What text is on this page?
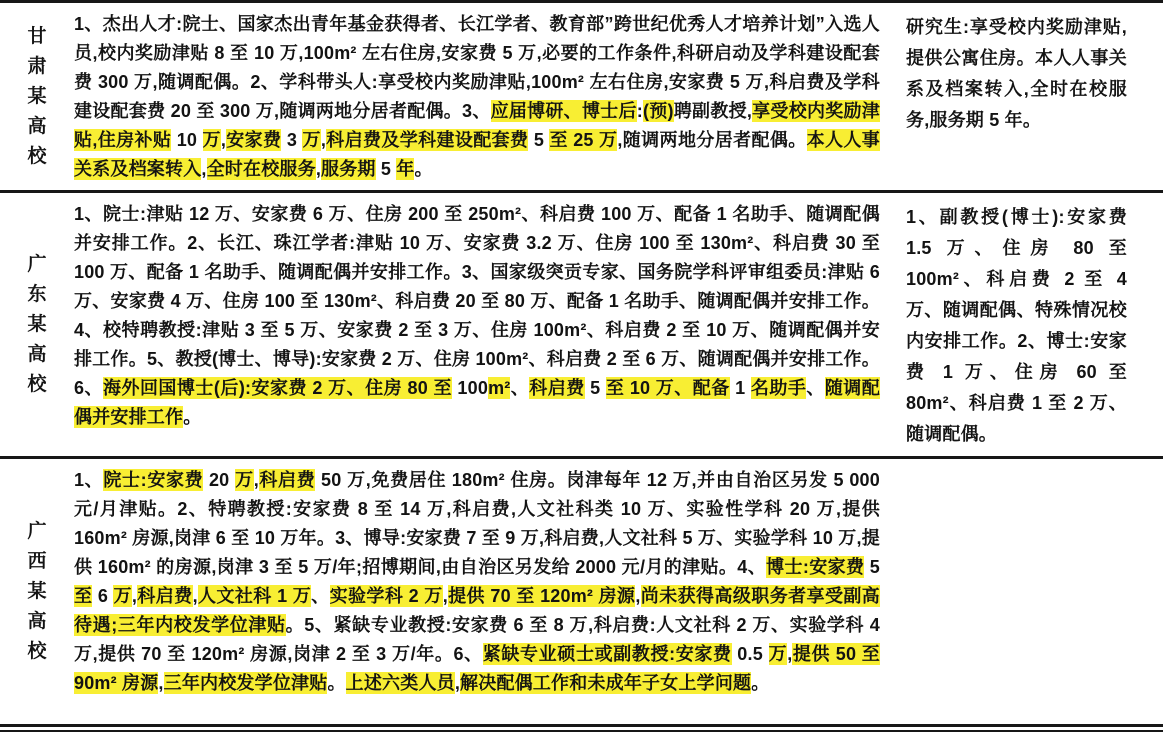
甘
肃
某
高
校
1、杰出人才:院士、国家杰出青年基金获得者、长江学者、教育部”跨世纪优秀人才培养计划”入选人员,校内奖励津贴 8 至 10 万,100m² 左右住房,安家费 5 万,必要的工作条件,科研启动及学科建设配套费 300 万,随调配偶。2、学科带头人:享受校内奖励津贴,100m² 左右住房,安家费 5 万,科启费及学科建设配套费 20 至 300 万,随调两地分居者配偶。3、应届博研、博士后:(预)聘副教授,享受校内奖励津贴,住房补贴 10 万,安家费 3 万,科启费及学科建设配套费 5 至 25 万,随调两地分居者配偶。本人人事关系及档案转入,全时在校服务,服务期 5 年。
研究生:享受校内奖励津贴,提供公寓住房。本人人事关系及档案转入,全时在校服务,服务期 5 年。
广
东
某
高
校
1、院士:津贴 12 万、安家费 6 万、住房 200 至 250m²、科启费 100 万、配备 1 名助手、随调配偶并安排工作。2、长江、珠江学者:津贴 10 万、安家费 3.2 万、住房 100 至 130m²、科启费 30 至 100 万、配备 1 名助手、随调配偶并安排工作。3、国家级突贡专家、国务院学科评审组委员:津贴 6 万、安家费 4 万、住房 100 至 130m²、科启费 20 至 80 万、配备 1 名助手、随调配偶并安排工作。4、校特聘教授:津贴 3 至 5 万、安家费 2 至 3 万、住房 100m²、科启费 2 至 10 万、随调配偶并安排工作。5、教授(博士、博导):安家费 2 万、住房 100m²、科启费 2 至 6 万、随调配偶并安排工作。6、海外回国博士(后):安家费 2 万、住房 80 至 100m²、科启费 5 至 10 万、配备 1 名助手、随调配偶并安排工作。
1、副教授(博士):安家费 1.5 万、住房 80 至 100m²、科启费 2 至 4 万、随调配偶、特殊情况校内安排工作。2、博士:安家费 1 万、住房 60 至 80m²、科启费 1 至 2 万、随调配偶。
广
西
某
高
校
1、院士:安家费 20 万,科启费 50 万,免费居住 180m² 住房。岗津每年 12 万,并由自治区另发 5 000 元/月津贴。2、特聘教授:安家费 8 至 14 万,科启费,人文社科类 10 万、实验性学科 20 万,提供 160m² 房源,岗津 6 至 10 万年。3、博导:安家费 7 至 9 万,科启费,人文社科 5 万、实验学科 10 万,提供 160m² 的房源,岗津 3 至 5 万/年;招博期间,由自治区另发给 2000 元/月的津贴。4、博士:安家费 5 至 6 万,科启费,人文社科 1 万、实验学科 2 万,提供 70 至 120m² 房源,尚未获得高级职务者享受副高待遇;三年内校发学位津贴。5、紧缺专业教授:安家费 6 至 8 万,科启费:人文社科 2 万、实验学科 4 万,提供 70 至 120m² 房源,岗津 2 至 3 万/年。6、紧缺专业硕士或副教授:安家费 0.5 万,提供 50 至 90m² 房源,三年内校发学位津贴。上述六类人员,解决配偶工作和未成年子女上学问题。
